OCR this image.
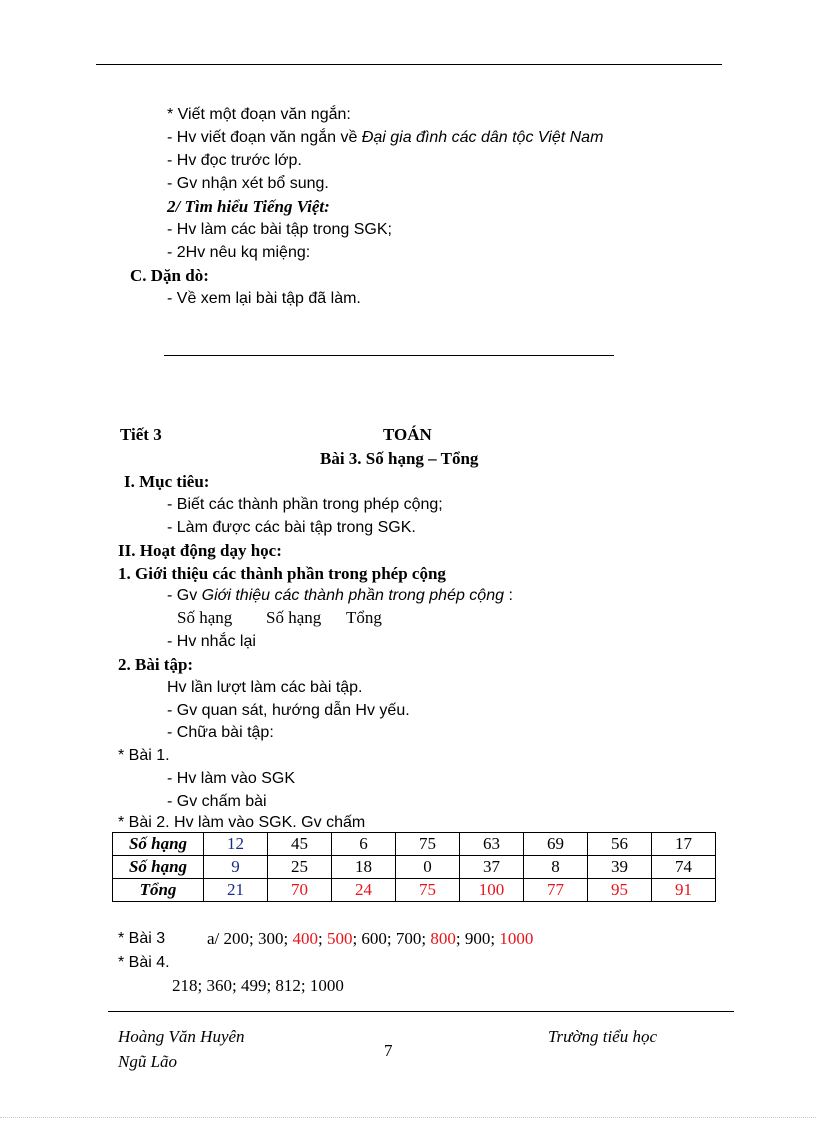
* Viết một đoạn văn ngắn:
- Hv viết đoạn văn ngắn về Đại gia đình các dân tộc Việt Nam
- Hv đọc trước lớp.
- Gv nhận xét bổ sung.
2/ Tìm hiểu Tiếng Việt:
- Hv làm các bài tập trong SGK;
- 2Hv nêu kq miệng:
C. Dặn dò:
- Về xem lại bài tập đã làm.
Tiết 3	TOÁN
Bài 3. Số hạng – Tổng
I. Mục tiêu:
- Biết các thành phần trong phép cộng;
- Làm được các bài tập trong SGK.
II. Hoạt động dạy học:
1. Giới thiệu các thành phần trong phép cộng
- Gv Giới thiệu các thành phần trong phép cộng :
Số hạng Số hạng Tổng
- Hv nhắc lại
2. Bài tập:
Hv lần lượt làm các bài tập.
- Gv quan sát, hướng dẫn Hv yếu.
- Chữa bài tập:
* Bài 1.
- Hv làm vào SGK
- Gv chấm bài
* Bài 2. Hv làm vào SGK. Gv chấm
Số hạng	12	45	6	75	63	69	56	17
Số hạng	9	25	18	0	37	8	39	74
Tổng	21	70	24	75	100	77	95	91
* Bài 3 a/ 200; 300; 400; 500; 600; 700; 800; 900; 1000
* Bài 4.
218; 360; 499; 812; 1000
Hoàng Văn Huyên
Ngũ Lão
7
Trường tiểu học
